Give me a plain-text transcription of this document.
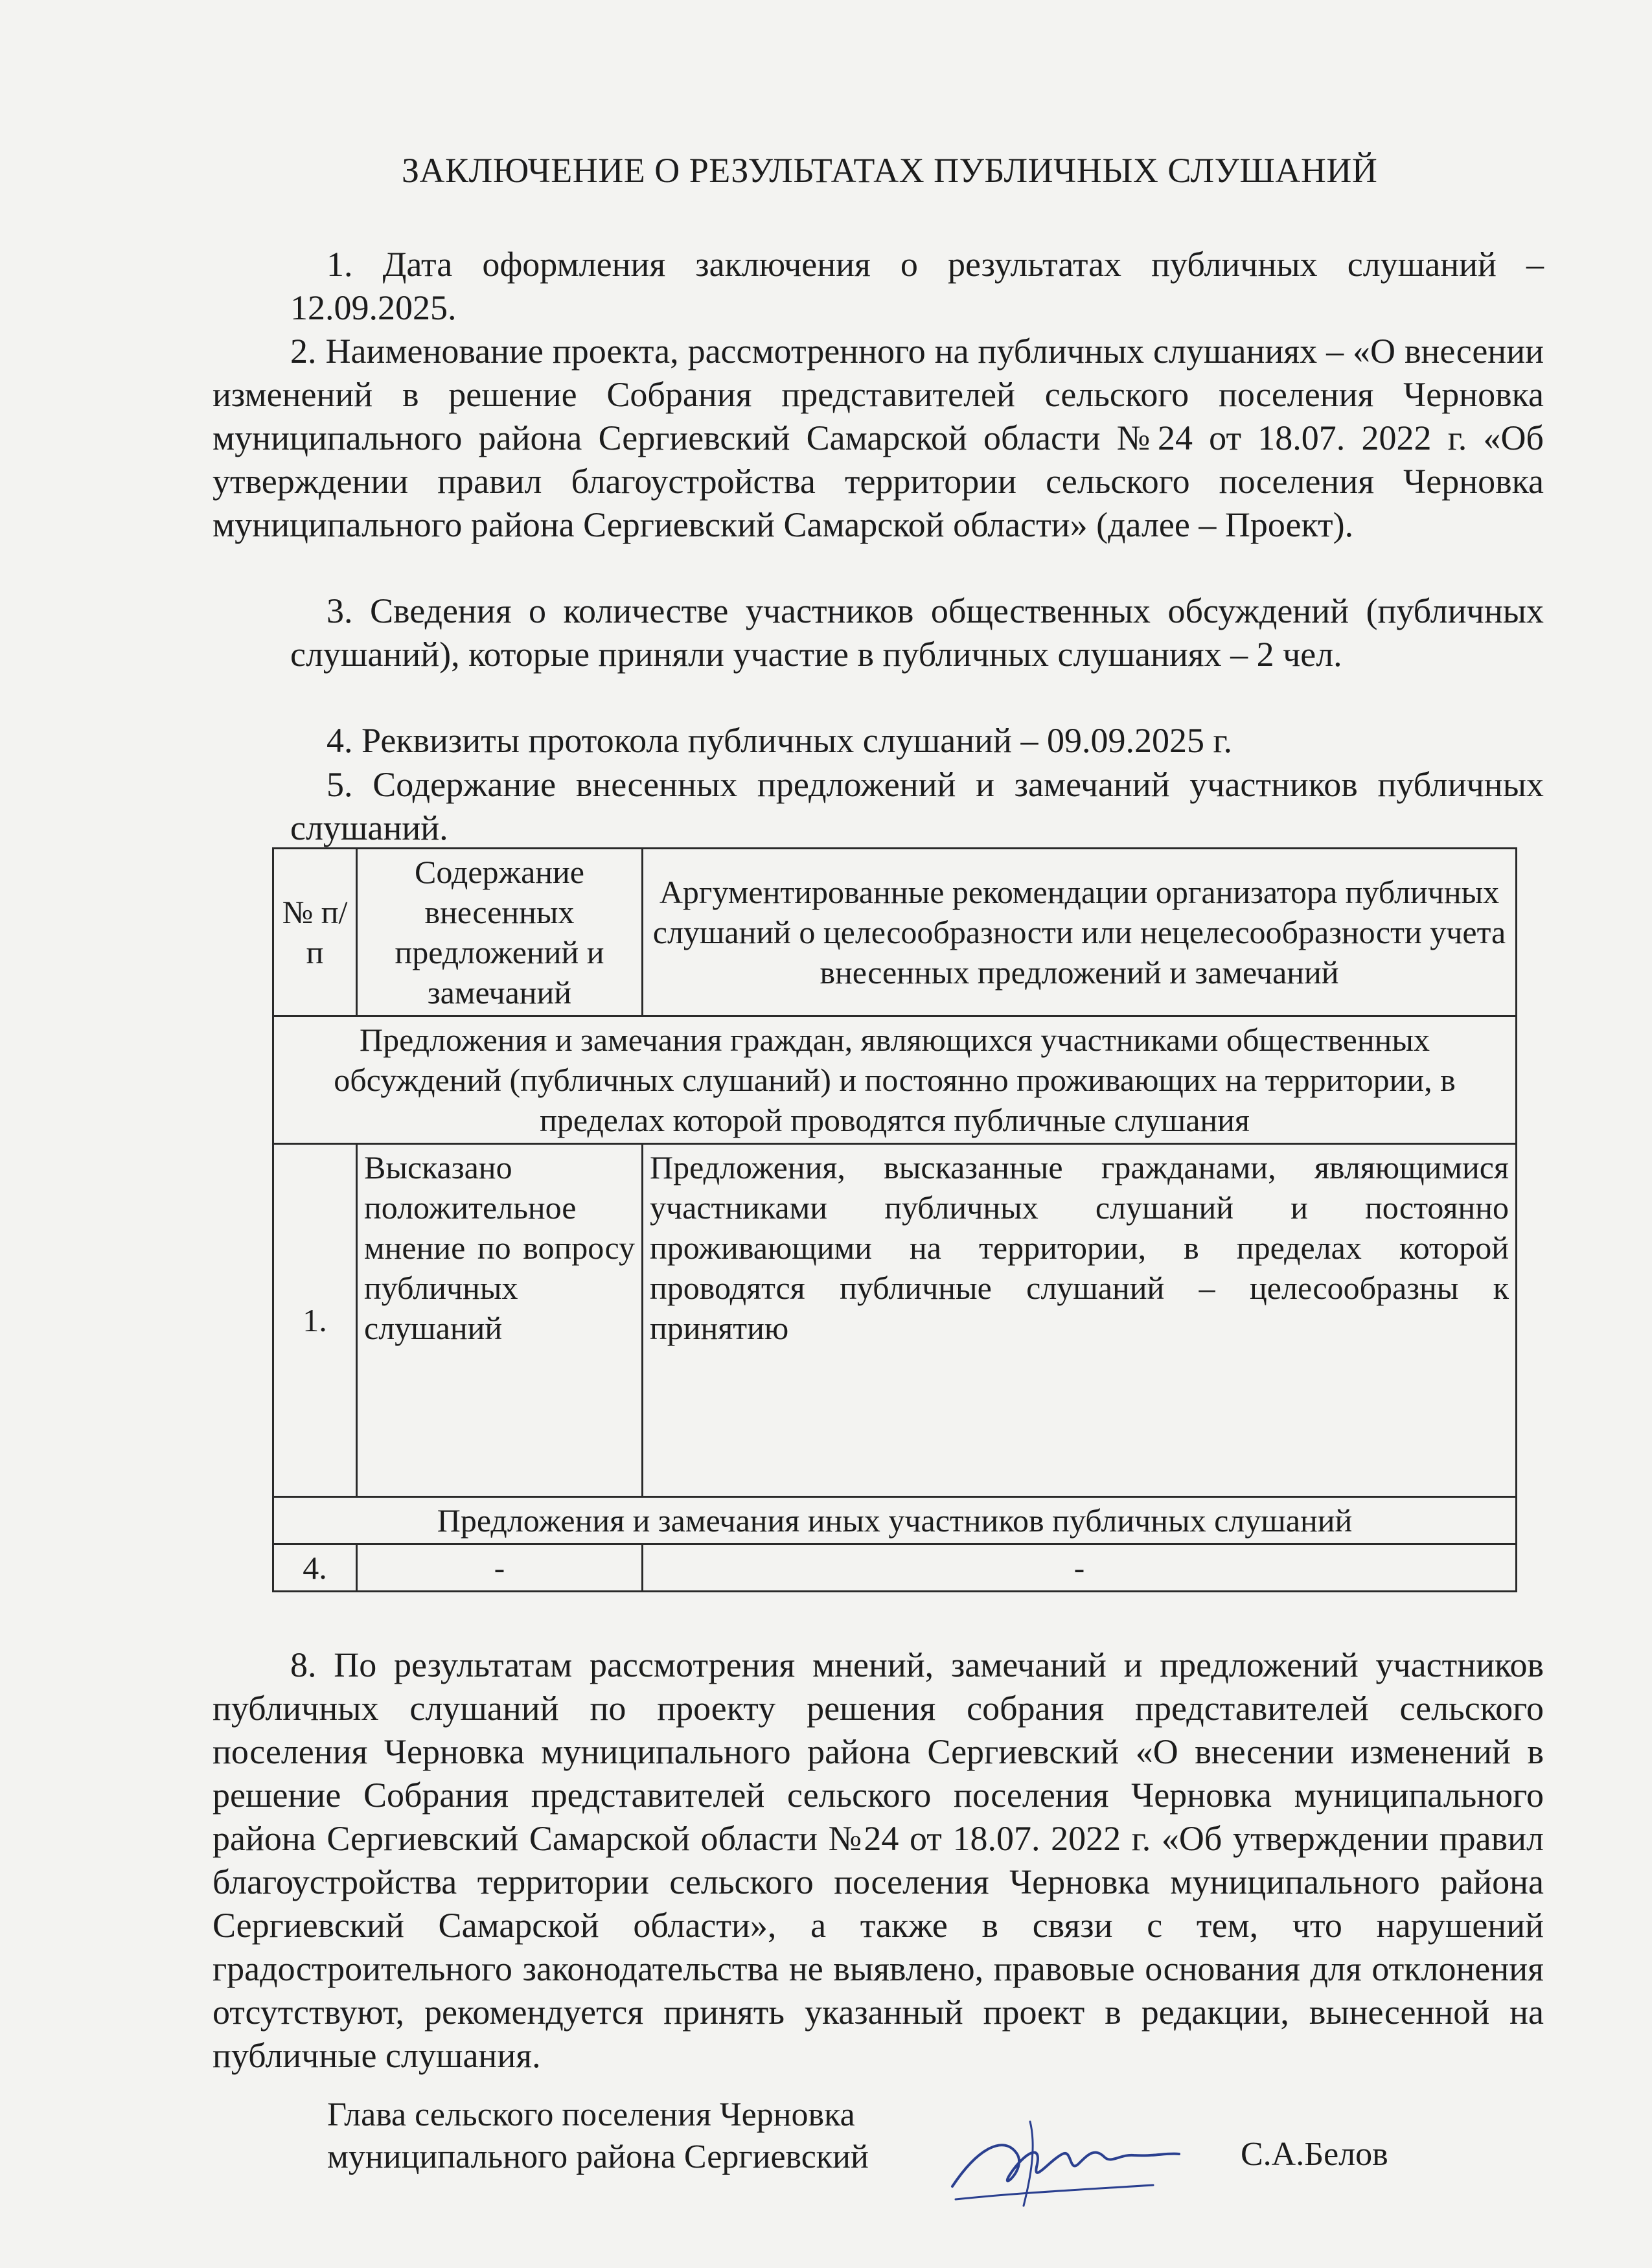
ЗАКЛЮЧЕНИЕ О РЕЗУЛЬТАТАХ ПУБЛИЧНЫХ СЛУШАНИЙ
1. Дата оформления заключения о результатах публичных слушаний – 12.09.2025.
2. Наименование проекта, рассмотренного на публичных слушаниях – «О внесении изменений в решение Собрания представителей сельского поселения Черновка муниципального района Сергиевский Самарской области №24 от 18.07. 2022 г. «Об утверждении правил благоустройства территории сельского поселения Черновка муниципального района Сергиевский Самарской области» (далее – Проект).
3. Сведения о количестве участников общественных обсуждений (публичных слушаний), которые приняли участие в публичных слушаниях – 2 чел.
4. Реквизиты протокола публичных слушаний – 09.09.2025 г.
5. Содержание внесенных предложений и замечаний участников публичных слушаний.
№ п/п	Содержание внесенных предложений и замечаний	Аргументированные рекомендации организатора публичных слушаний о целесообразности или нецелесообразности учета внесенных предложений и замечаний
Предложения и замечания граждан, являющихся участниками общественных обсуждений (публичных слушаний) и постоянно проживающих на территории, в пределах которой проводятся публичные слушания		
1.	Высказано положительное мнение по вопросу публичных слушаний	Предложения, высказанные гражданами, являющимися участниками публичных слушаний и постоянно проживающими на территории, в пределах которой проводятся публичные слушаний – целесообразны к принятию
Предложения и замечания иных участников публичных слушаний		
4.	-	-
8. По результатам рассмотрения мнений, замечаний и предложений участников публичных слушаний по проекту решения собрания представителей сельского поселения Черновка муниципального района Сергиевский «О внесении изменений в решение Собрания представителей сельского поселения Черновка муниципального района Сергиевский Самарской области №24 от 18.07. 2022 г. «Об утверждении правил благоустройства территории сельского поселения Черновка муниципального района Сергиевский Самарской области», а также в связи с тем, что нарушений градостроительного законодательства не выявлено, правовые основания для отклонения отсутствуют, рекомендуется принять указанный проект в редакции, вынесенной на публичные слушания.
Глава сельского поселения Черновка
муниципального района Сергиевский	С.А.Белов
